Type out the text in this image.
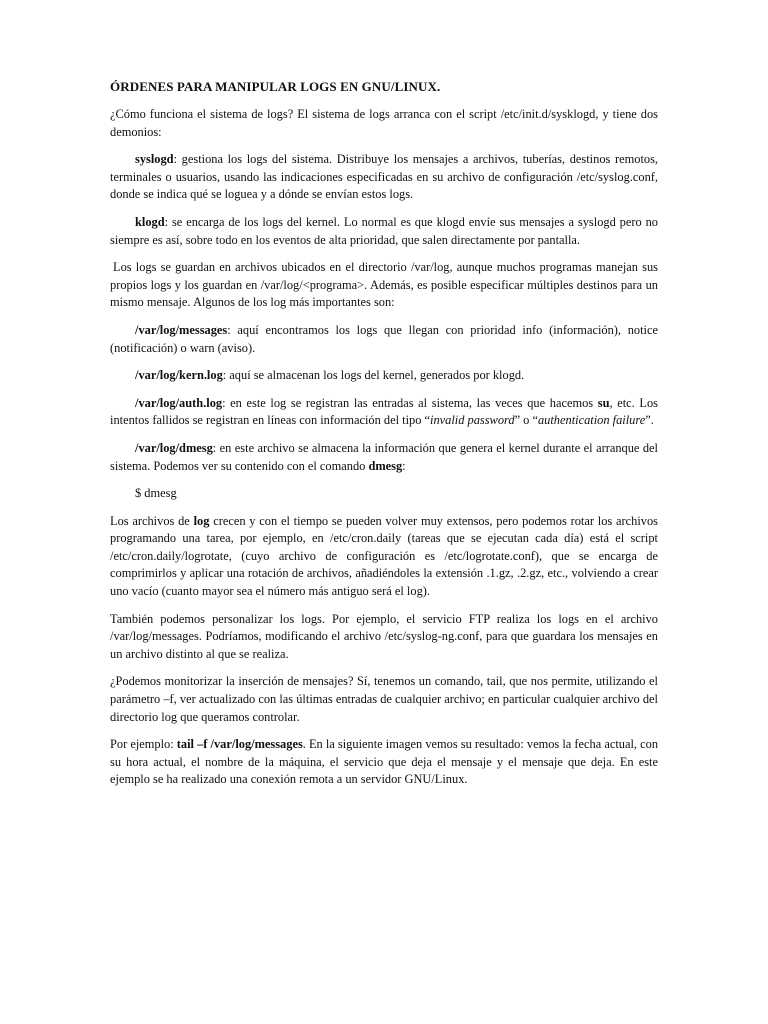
ÓRDENES PARA MANIPULAR LOGS EN GNU/LINUX.

¿Cómo funciona el sistema de logs? El sistema de logs arranca con el script /etc/init.d/sysklogd, y tiene dos demonios:

syslogd: gestiona los logs del sistema. Distribuye los mensajes a archivos, tuberías, destinos remotos, terminales o usuarios, usando las indicaciones especificadas en su archivo de configuración /etc/syslog.conf, donde se indica qué se loguea y a dónde se envían estos logs.

klogd: se encarga de los logs del kernel. Lo normal es que klogd envíe sus mensajes a syslogd pero no siempre es así, sobre todo en los eventos de alta prioridad, que salen directamente por pantalla.

Los logs se guardan en archivos ubicados en el directorio /var/log, aunque muchos programas manejan sus propios logs y los guardan en /var/log/<programa>. Además, es posible especificar múltiples destinos para un mismo mensaje. Algunos de los log más importantes son:

/var/log/messages: aquí encontramos los logs que llegan con prioridad info (información), notice (notificación) o warn (aviso).

/var/log/kern.log: aquí se almacenan los logs del kernel, generados por klogd.

/var/log/auth.log: en este log se registran las entradas al sistema, las veces que hacemos su, etc. Los intentos fallidos se registran en líneas con información del tipo “invalid password” o “authentication failure”.

/var/log/dmesg: en este archivo se almacena la información que genera el kernel durante el arranque del sistema. Podemos ver su contenido con el comando dmesg:

$ dmesg

Los archivos de log crecen y con el tiempo se pueden volver muy extensos, pero podemos rotar los archivos programando una tarea, por ejemplo, en /etc/cron.daily (tareas que se ejecutan cada día) está el script /etc/cron.daily/logrotate, (cuyo archivo de configuración es /etc/logrotate.conf), que se encarga de comprimirlos y aplicar una rotación de archivos, añadiéndoles la extensión .1.gz, .2.gz, etc., volviendo a crear uno vacío (cuanto mayor sea el número más antiguo será el log).

También podemos personalizar los logs. Por ejemplo, el servicio FTP realiza los logs en el archivo /var/log/messages. Podríamos, modificando el archivo /etc/syslog-ng.conf, para que guardara los mensajes en un archivo distinto al que se realiza.

¿Podemos monitorizar la inserción de mensajes? Sí, tenemos un comando, tail, que nos permite, utilizando el parámetro –f, ver actualizado con las últimas entradas de cualquier archivo; en particular cualquier archivo del directorio log que queramos controlar.

Por ejemplo: tail –f /var/log/messages. En la siguiente imagen vemos su resultado: vemos la fecha actual, con su hora actual, el nombre de la máquina, el servicio que deja el mensaje y el mensaje que deja. En este ejemplo se ha realizado una conexión remota a un servidor GNU/Linux.
